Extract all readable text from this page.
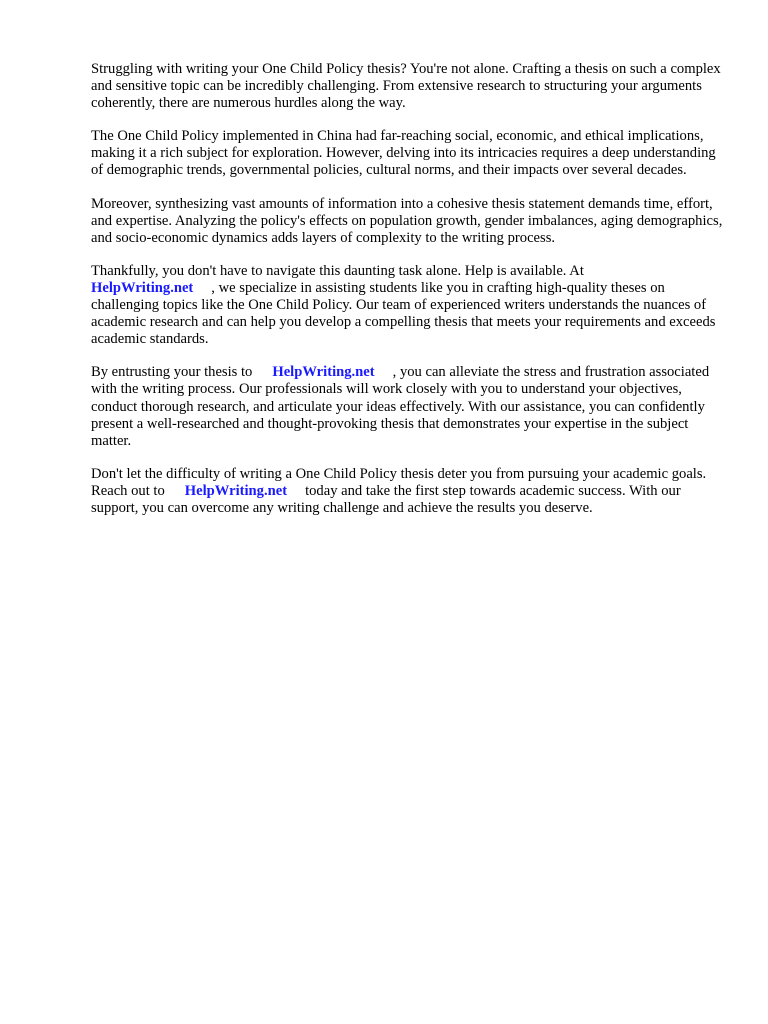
Struggling with writing your One Child Policy thesis? You're not alone. Crafting a thesis on such a complex and sensitive topic can be incredibly challenging. From extensive research to structuring your arguments coherently, there are numerous hurdles along the way.

The One Child Policy implemented in China had far-reaching social, economic, and ethical implications, making it a rich subject for exploration. However, delving into its intricacies requires a deep understanding of demographic trends, governmental policies, cultural norms, and their impacts over several decades.

Moreover, synthesizing vast amounts of information into a cohesive thesis statement demands time, effort, and expertise. Analyzing the policy's effects on population growth, gender imbalances, aging demographics, and socio-economic dynamics adds layers of complexity to the writing process.

Thankfully, you don't have to navigate this daunting task alone. Help is available. At
HelpWriting.net , we specialize in assisting students like you in crafting high-quality theses on challenging topics like the One Child Policy. Our team of experienced writers understands the nuances of academic research and can help you develop a compelling thesis that meets your requirements and exceeds academic standards.

By entrusting your thesis to HelpWriting.net , you can alleviate the stress and frustration associated with the writing process. Our professionals will work closely with you to understand your objectives, conduct thorough research, and articulate your ideas effectively. With our assistance, you can confidently present a well-researched and thought-provoking thesis that demonstrates your expertise in the subject matter.

Don't let the difficulty of writing a One Child Policy thesis deter you from pursuing your academic goals. Reach out to HelpWriting.net today and take the first step towards academic success. With our support, you can overcome any writing challenge and achieve the results you deserve.
